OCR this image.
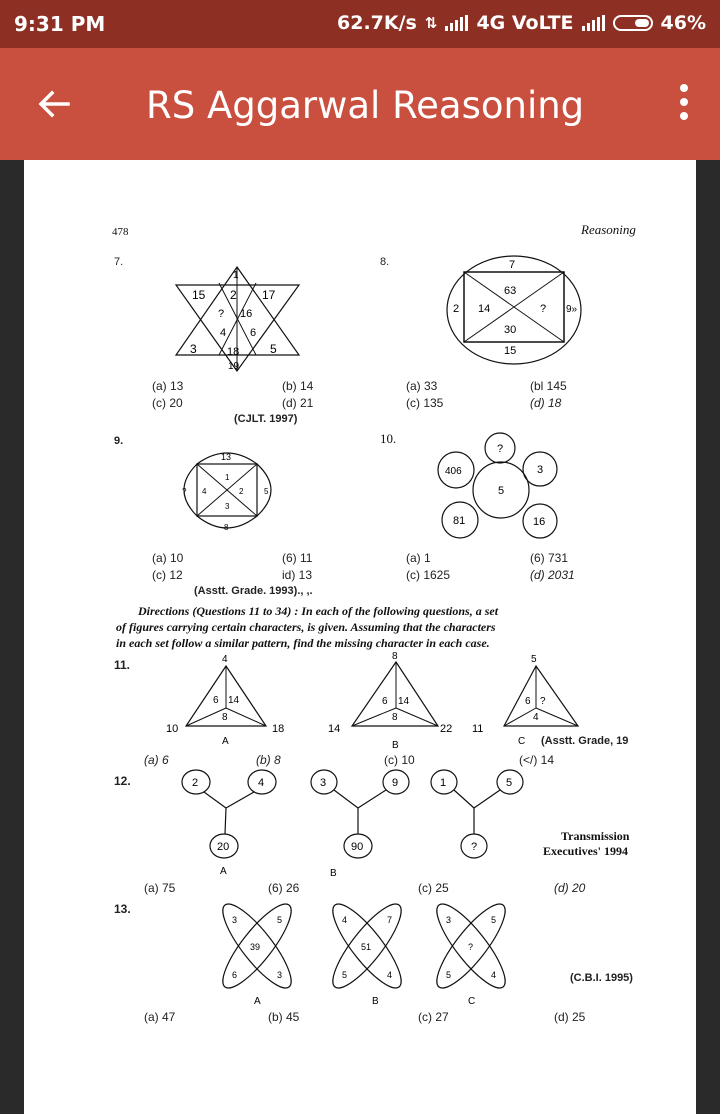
9:31 PM	62.7K/s ⇅ 4G VoLTE	46%
RS Aggarwal Reasoning
478	Reasoning
7.
1
15 2 17
? 16
4 6
3	18	5
19
(a) 13	(b) 14
(c) 20	(d) 21
(CJLT. 1997)
8.	7
63
2 14	? 9»
30
15
(a) 33	(bl 145
(c) 135	(d) 18
9.
13
1
? 4	2	5
3
8
(a) 10	(6) 11
(c) 12	id) 13
(Asstt. Grade. 1993)., ,.
10.
?
406	3
5
81	16
(a) 1	(6) 731
(c) 1625	(d) 2031
Directions (Questions 11 to 34) : In each of the following questions, a set
of figures carrying certain characters, is given. Assuming that the characters
in each set follow a similar pattern, find the missing character in each case.
11.	4
6 14
8
10	18
A
8
6 14
8
14	22
B
5
6 ?
4
11
C (Asstt. Grade, 19
(a) 6	(b) 8	(c) 10	(</) 14
12.	2	4
20
A
3	9
90
B
1	5
?
Transmission
Executives' 1994
(a) 75	(6) 26	(c) 25	(d) 20
13.
3	5
39
6	3
A
4	7
51
5	4
B
3	5
?
5	4
C
(C.B.I. 1995)
(a) 47	(b) 45	(c) 27	(d) 25
